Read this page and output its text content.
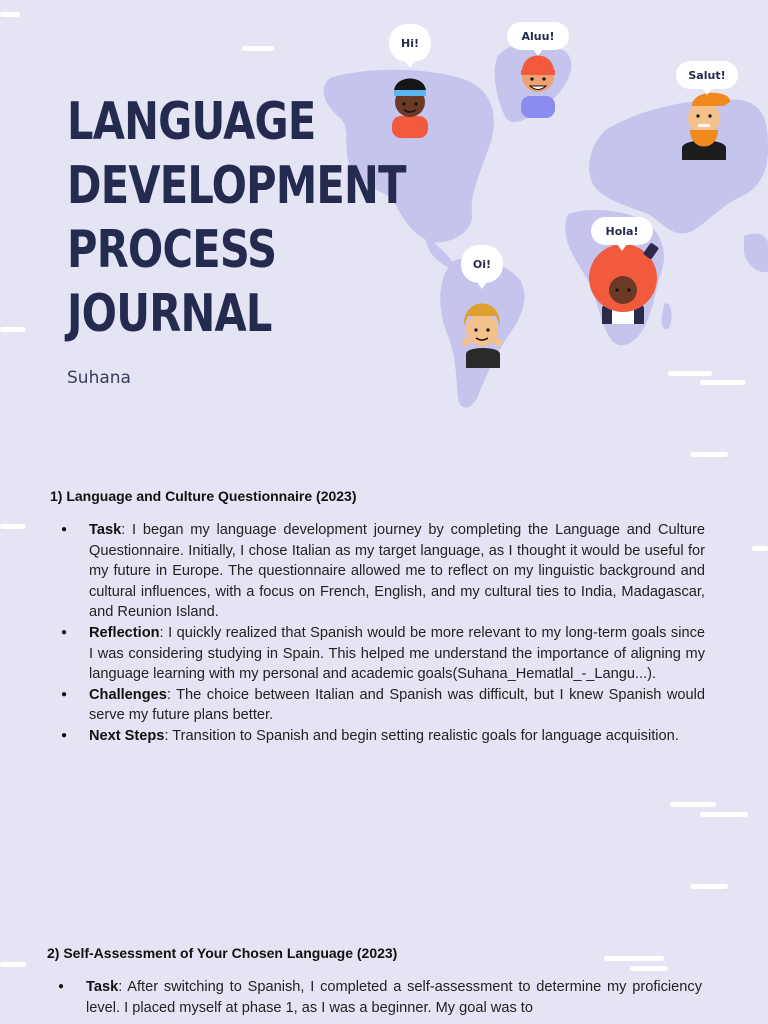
Hi!
Aluu!
Salut!
Hola!
Oi!
LANGUAGE
DEVELOPMENT
PROCESS
JOURNAL
Suhana
1) Language and Culture Questionnaire (2023)
● Task: I began my language development journey by completing the Language and Culture Questionnaire. Initially, I chose Italian as my target language, as I thought it would be useful for my future in Europe. The questionnaire allowed me to reflect on my linguistic background and cultural influences, with a focus on French, English, and my cultural ties to India, Madagascar, and Reunion Island.
● Reflection: I quickly realized that Spanish would be more relevant to my long-term goals since I was considering studying in Spain. This helped me understand the importance of aligning my language learning with my personal and academic goals(Suhana_Hematlal_-_Langu...).
● Challenges: The choice between Italian and Spanish was difficult, but I knew Spanish would serve my future plans better.
● Next Steps: Transition to Spanish and begin setting realistic goals for language acquisition.
2) Self-Assessment of Your Chosen Language (2023)
● Task: After switching to Spanish, I completed a self-assessment to determine my proficiency level. I placed myself at phase 1, as I was a beginner. My goal was to
